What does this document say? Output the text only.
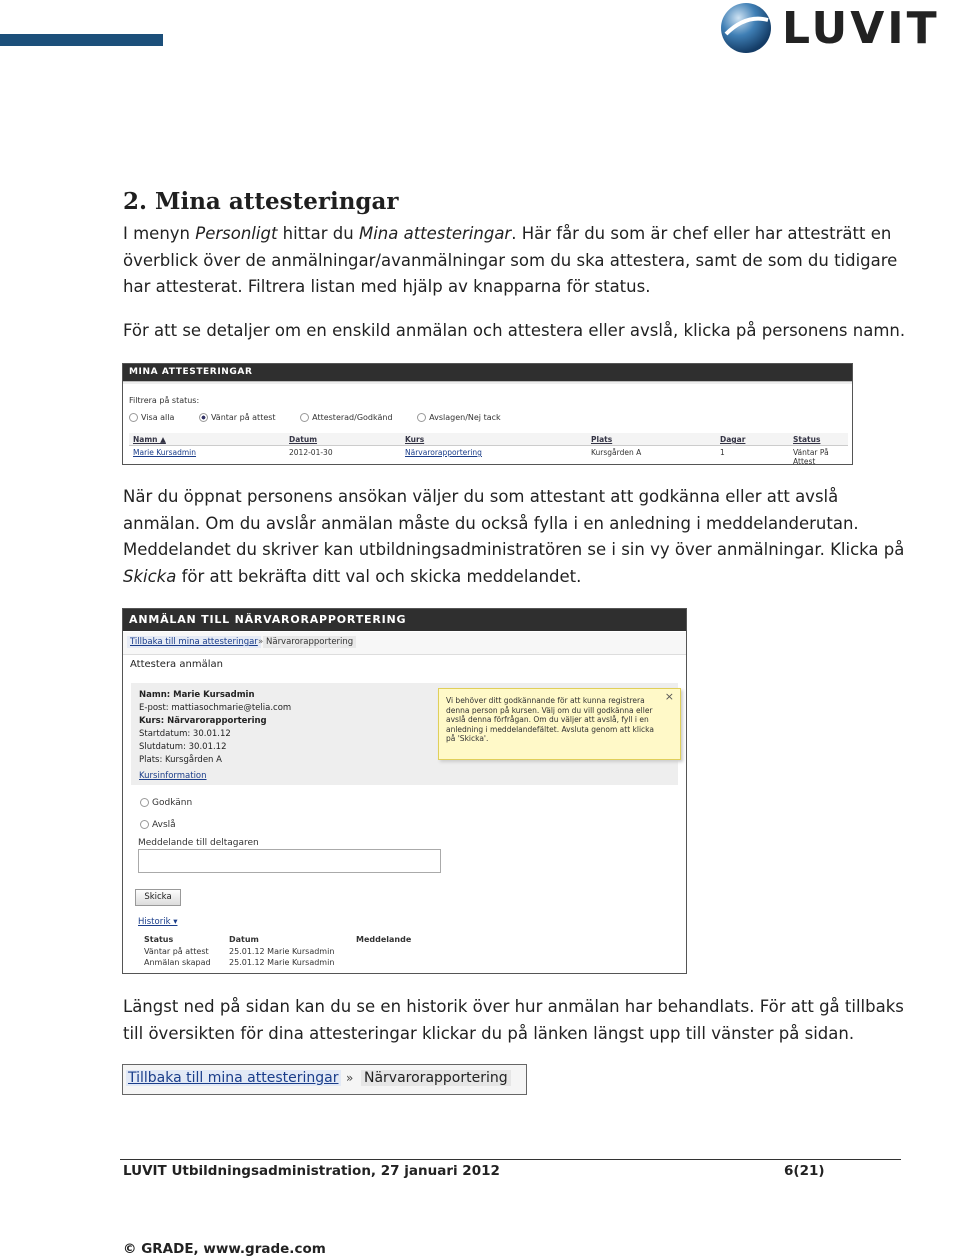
LUVIT
2. Mina attesteringar

I menyn Personligt hittar du Mina attesteringar. Här får du som är chef eller har attesträtt en överblick över de anmälningar/avanmälningar som du ska attestera, samt de som du tidigare har attesterat. Filtrera listan med hjälp av knapparna för status.

För att se detaljer om en enskild anmälan och attestera eller avslå, klicka på personens namn.

MINA ATTESTERINGAR
Filtrera på status:
Visa alla	Väntar på attest	Attesterad/Godkänd	Avslagen/Nej tack
Namn ▲	Datum	Kurs	Plats	Dagar	Status
Marie Kursadmin	2012-01-30	Närvarorapportering	Kursgården A	1	Väntar På Attest

När du öppnat personens ansökan väljer du som attestant att godkänna eller att avslå anmälan. Om du avslår anmälan måste du också fylla i en anledning i meddelanderutan. Meddelandet du skriver kan utbildningsadministratören se i sin vy över anmälningar. Klicka på Skicka för att bekräfta ditt val och skicka meddelandet.

ANMÄLAN TILL NÄRVARORAPPORTERING
Tillbaka till mina attesteringar » Närvarorapportering
Attestera anmälan
Namn: Marie Kursadmin
E-post: mattiasochmarie@telia.com
Kurs: Närvarorapportering
Startdatum: 30.01.12
Slutdatum: 30.01.12
Plats: Kursgården A
Kursinformation
Vi behöver ditt godkännande för att kunna registrera denna person på kursen. Välj om du vill godkänna eller avslå denna förfrågan. Om du väljer att avslå, fyll i en anledning i meddelandefältet. Avsluta genom att klicka på 'Skicka'.
×
Godkänn
Avslå
Meddelande till deltagaren
Skicka
Historik ▾
Status	Datum	Meddelande
Väntar på attest	25.01.12 Marie Kursadmin
Anmälan skapad 25.01.12 Marie Kursadmin

Längst ned på sidan kan du se en historik över hur anmälan har behandlats. För att gå tillbaks till översikten för dina attesteringar klickar du på länken längst upp till vänster på sidan.

Tillbaka till mina attesteringar » Närvarorapportering
LUVIT Utbildningsadministration, 27 januari 2012	6(21)
© GRADE, www.grade.com
